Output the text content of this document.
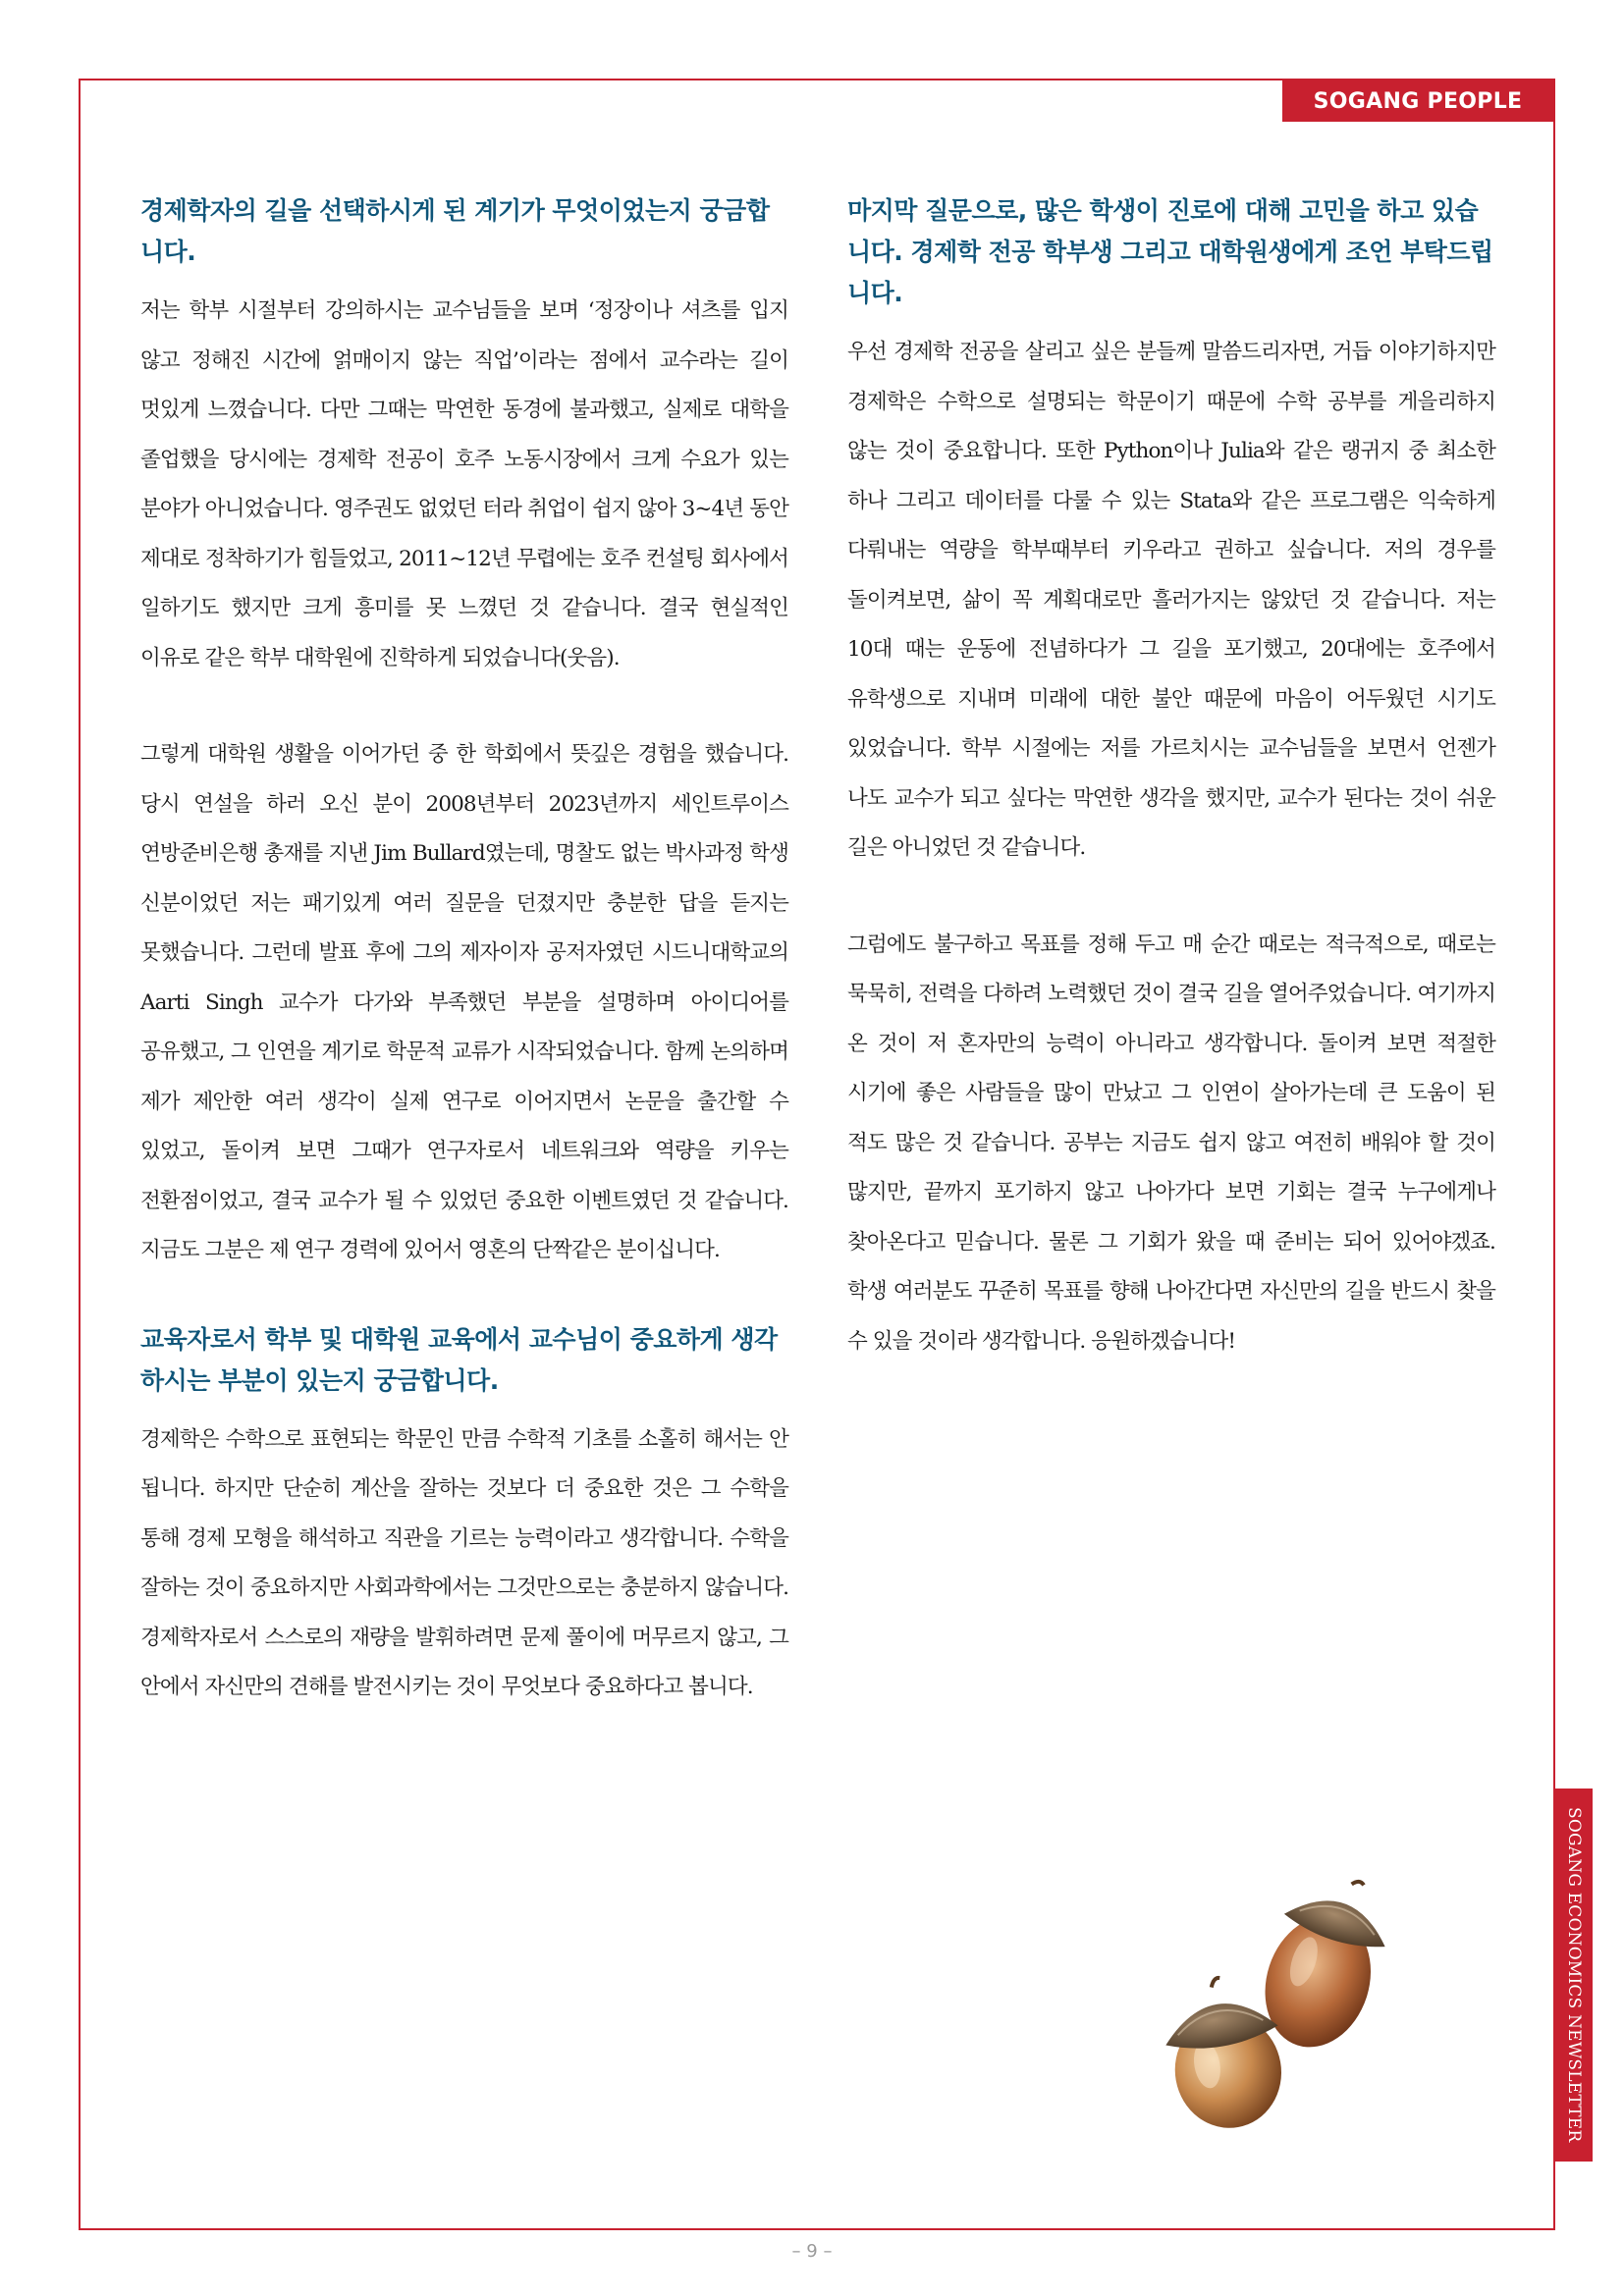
SOGANG PEOPLE
SOGANG ECONOMICS NEWSLETTER
경제학자의 길을 선택하시게 된 계기가 무엇이었는지 궁금합니다.

저는 학부 시절부터 강의하시는 교수님들을 보며 ‘정장이나 셔츠를 입지 않고 정해진 시간에 얽매이지 않는 직업’이라는 점에서 교수라는 길이 멋있게 느꼈습니다. 다만 그때는 막연한 동경에 불과했고, 실제로 대학을 졸업했을 당시에는 경제학 전공이 호주 노동시장에서 크게 수요가 있는 분야가 아니었습니다. 영주권도 없었던 터라 취업이 쉽지 않아 3~4년 동안 제대로 정착하기가 힘들었고, 2011~12년 무렵에는 호주 컨설팅 회사에서 일하기도 했지만 크게 흥미를 못 느꼈던 것 같습니다. 결국 현실적인 이유로 같은 학부 대학원에 진학하게 되었습니다(웃음).

그렇게 대학원 생활을 이어가던 중 한 학회에서 뜻깊은 경험을 했습니다. 당시 연설을 하러 오신 분이 2008년부터 2023년까지 세인트루이스 연방준비은행 총재를 지낸 Jim Bullard였는데, 명찰도 없는 박사과정 학생 신분이었던 저는 패기있게 여러 질문을 던졌지만 충분한 답을 듣지는 못했습니다. 그런데 발표 후에 그의 제자이자 공저자였던 시드니대학교의 Aarti Singh 교수가 다가와 부족했던 부분을 설명하며 아이디어를 공유했고, 그 인연을 계기로 학문적 교류가 시작되었습니다. 함께 논의하며 제가 제안한 여러 생각이 실제 연구로 이어지면서 논문을 출간할 수 있었고, 돌이켜 보면 그때가 연구자로서 네트워크와 역량을 키우는 전환점이었고, 결국 교수가 될 수 있었던 중요한 이벤트였던 것 같습니다. 지금도 그분은 제 연구 경력에 있어서 영혼의 단짝같은 분이십니다.

교육자로서 학부 및 대학원 교육에서 교수님이 중요하게 생각하시는 부분이 있는지 궁금합니다.

경제학은 수학으로 표현되는 학문인 만큼 수학적 기초를 소홀히 해서는 안 됩니다. 하지만 단순히 계산을 잘하는 것보다 더 중요한 것은 그 수학을 통해 경제 모형을 해석하고 직관을 기르는 능력이라고 생각합니다. 수학을 잘하는 것이 중요하지만 사회과학에서는 그것만으로는 충분하지 않습니다. 경제학자로서 스스로의 재량을 발휘하려면 문제 풀이에 머무르지 않고, 그 안에서 자신만의 견해를 발전시키는 것이 무엇보다 중요하다고 봅니다.

마지막 질문으로, 많은 학생이 진로에 대해 고민을 하고 있습니다. 경제학 전공 학부생 그리고 대학원생에게 조언 부탁드립니다.

우선 경제학 전공을 살리고 싶은 분들께 말씀드리자면, 거듭 이야기하지만 경제학은 수학으로 설명되는 학문이기 때문에 수학 공부를 게을리하지 않는 것이 중요합니다. 또한 Python이나 Julia와 같은 랭귀지 중 최소한 하나 그리고 데이터를 다룰 수 있는 Stata와 같은 프로그램은 익숙하게 다뤄내는 역량을 학부때부터 키우라고 권하고 싶습니다. 저의 경우를 돌이켜보면, 삶이 꼭 계획대로만 흘러가지는 않았던 것 같습니다. 저는 10대 때는 운동에 전념하다가 그 길을 포기했고, 20대에는 호주에서 유학생으로 지내며 미래에 대한 불안 때문에 마음이 어두웠던 시기도 있었습니다. 학부 시절에는 저를 가르치시는 교수님들을 보면서 언젠가 나도 교수가 되고 싶다는 막연한 생각을 했지만, 교수가 된다는 것이 쉬운 길은 아니었던 것 같습니다.

그럼에도 불구하고 목표를 정해 두고 매 순간 때로는 적극적으로, 때로는 묵묵히, 전력을 다하려 노력했던 것이 결국 길을 열어주었습니다. 여기까지 온 것이 저 혼자만의 능력이 아니라고 생각합니다. 돌이켜 보면 적절한 시기에 좋은 사람들을 많이 만났고 그 인연이 살아가는데 큰 도움이 된 적도 많은 것 같습니다. 공부는 지금도 쉽지 않고 여전히 배워야 할 것이 많지만, 끝까지 포기하지 않고 나아가다 보면 기회는 결국 누구에게나 찾아온다고 믿습니다. 물론 그 기회가 왔을 때 준비는 되어 있어야겠죠. 학생 여러분도 꾸준히 목표를 향해 나아간다면 자신만의 길을 반드시 찾을 수 있을 것이라 생각합니다. 응원하겠습니다!

– 9 –
